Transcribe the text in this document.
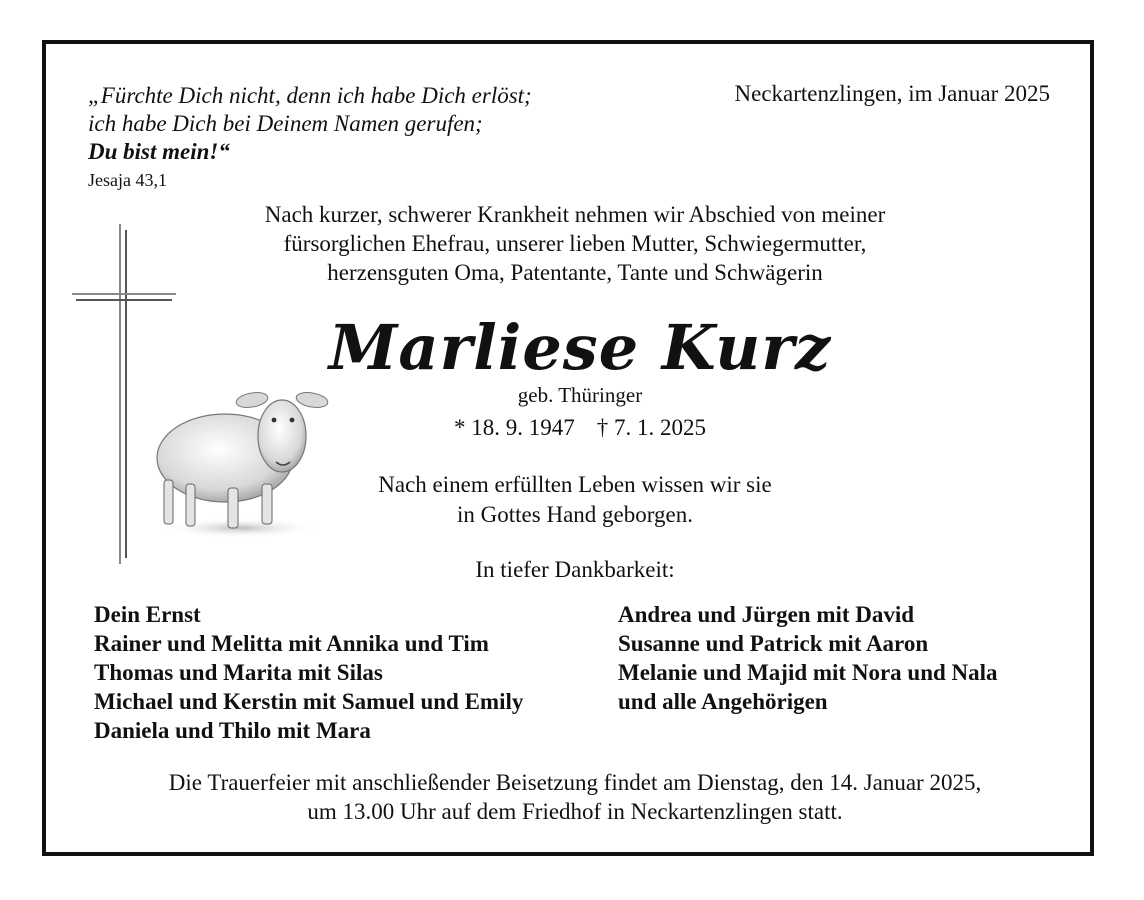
„Fürchte Dich nicht, denn ich habe Dich erlöst;
ich habe Dich bei Deinem Namen gerufen;
Du bist mein!“
Jesaja 43,1
Neckartenzlingen, im Januar 2025
Nach kurzer, schwerer Krankheit nehmen wir Abschied von meiner
fürsorglichen Ehefrau, unserer lieben Mutter, Schwiegermutter,
herzensguten Oma, Patentante, Tante und Schwägerin
Marliese Kurz
geb. Thüringer
* 18. 9. 1947 † 7. 1. 2025
Nach einem erfüllten Leben wissen wir sie
in Gottes Hand geborgen.
In tiefer Dankbarkeit:
Dein Ernst
Rainer und Melitta mit Annika und Tim
Thomas und Marita mit Silas
Michael und Kerstin mit Samuel und Emily
Daniela und Thilo mit Mara
Andrea und Jürgen mit David
Susanne und Patrick mit Aaron
Melanie und Majid mit Nora und Nala
und alle Angehörigen
Die Trauerfeier mit anschließender Beisetzung findet am Dienstag, den 14. Januar 2025,
um 13.00 Uhr auf dem Friedhof in Neckartenzlingen statt.
